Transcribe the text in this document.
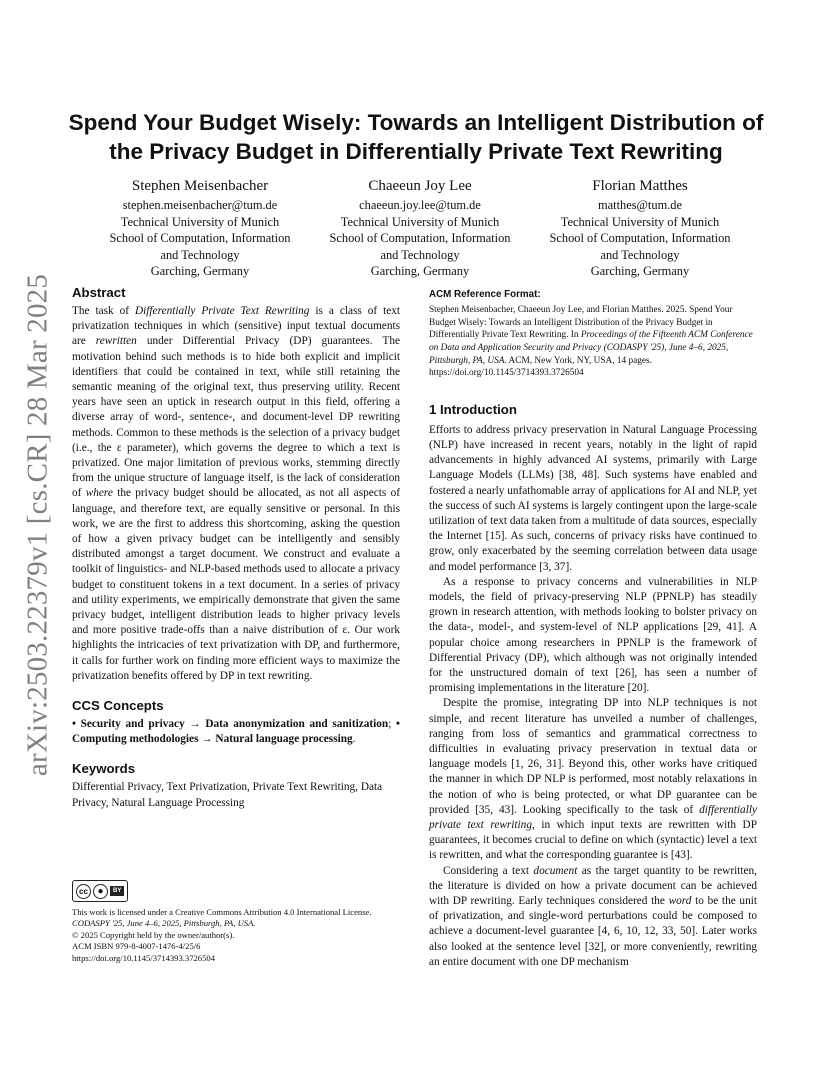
arXiv:2503.22379v1 [cs.CR] 28 Mar 2025
Spend Your Budget Wisely: Towards an Intelligent Distribution of
the Privacy Budget in Differentially Private Text Rewriting
Stephen Meisenbacher
stephen.meisenbacher@tum.de
Technical University of Munich
School of Computation, Information
and Technology
Garching, Germany
Chaeeun Joy Lee
chaeeun.joy.lee@tum.de
Technical University of Munich
School of Computation, Information
and Technology
Garching, Germany
Florian Matthes
matthes@tum.de
Technical University of Munich
School of Computation, Information
and Technology
Garching, Germany
Abstract

The task of Differentially Private Text Rewriting is a class of text privatization techniques in which (sensitive) input textual documents are rewritten under Differential Privacy (DP) guarantees. The motivation behind such methods is to hide both explicit and implicit identifiers that could be contained in text, while still retaining the semantic meaning of the original text, thus preserving utility. Recent years have seen an uptick in research output in this field, offering a diverse array of word-, sentence-, and document-level DP rewriting methods. Common to these methods is the selection of a privacy budget (i.e., the ε parameter), which governs the degree to which a text is privatized. One major limitation of previous works, stemming directly from the unique structure of language itself, is the lack of consideration of where the privacy budget should be allocated, as not all aspects of language, and therefore text, are equally sensitive or personal. In this work, we are the first to address this shortcoming, asking the question of how a given privacy budget can be intelligently and sensibly distributed amongst a target document. We construct and evaluate a toolkit of linguistics- and NLP-based methods used to allocate a privacy budget to constituent tokens in a text document. In a series of privacy and utility experiments, we empirically demonstrate that given the same privacy budget, intelligent distribution leads to higher privacy levels and more positive trade-offs than a naive distribution of ε. Our work highlights the intricacies of text privatization with DP, and furthermore, it calls for further work on finding more efficient ways to maximize the privatization benefits offered by DP in text rewriting.

CCS Concepts

• Security and privacy → Data anonymization and sanitization; • Computing methodologies → Natural language processing.

Keywords

Differential Privacy, Text Privatization, Private Text Rewriting, Data Privacy, Natural Language Processing

cc ●	BY
This work is licensed under a Creative Commons Attribution 4.0 International License.
CODASPY '25, June 4–6, 2025, Pittsburgh, PA, USA.
© 2025 Copyright held by the owner/author(s).
ACM ISBN 979-8-4007-1476-4/25/6
https://doi.org/10.1145/3714393.3726504
ACM Reference Format:

Stephen Meisenbacher, Chaeeun Joy Lee, and Florian Matthes. 2025. Spend Your Budget Wisely: Towards an Intelligent Distribution of the Privacy Budget in Differentially Private Text Rewriting. In Proceedings of the Fifteenth ACM Conference on Data and Application Security and Privacy (CODASPY '25), June 4–6, 2025, Pittsburgh, PA, USA. ACM, New York, NY, USA, 14 pages. https://doi.org/10.1145/3714393.3726504

1 Introduction

Efforts to address privacy preservation in Natural Language Processing (NLP) have increased in recent years, notably in the light of rapid advancements in highly advanced AI systems, primarily with Large Language Models (LLMs) [38, 48]. Such systems have enabled and fostered a nearly unfathomable array of applications for AI and NLP, yet the success of such AI systems is largely contingent upon the large-scale utilization of text data taken from a multitude of data sources, especially the Internet [15]. As such, concerns of privacy risks have continued to grow, only exacerbated by the seeming correlation between data usage and model performance [3, 37].

As a response to privacy concerns and vulnerabilities in NLP models, the field of privacy-preserving NLP (PPNLP) has steadily grown in research attention, with methods looking to bolster privacy on the data-, model-, and system-level of NLP applications [29, 41]. A popular choice among researchers in PPNLP is the framework of Differential Privacy (DP), which although was not originally intended for the unstructured domain of text [26], has seen a number of promising implementations in the literature [20].

Despite the promise, integrating DP into NLP techniques is not simple, and recent literature has unveiled a number of challenges, ranging from loss of semantics and grammatical correctness to difficulties in evaluating privacy preservation in textual data or language models [1, 26, 31]. Beyond this, other works have critiqued the manner in which DP NLP is performed, most notably relaxations in the notion of who is being protected, or what DP guarantee can be provided [35, 43]. Looking specifically to the task of differentially private text rewriting, in which input texts are rewritten with DP guarantees, it becomes crucial to define on which (syntactic) level a text is rewritten, and what the corresponding guarantee is [43].

Considering a text document as the target quantity to be rewritten, the literature is divided on how a private document can be achieved with DP rewriting. Early techniques considered the word to be the unit of privatization, and single-word perturbations could be composed to achieve a document-level guarantee [4, 6, 10, 12, 33, 50]. Later works also looked at the sentence level [32], or more conveniently, rewriting an entire document with one DP mechanism
